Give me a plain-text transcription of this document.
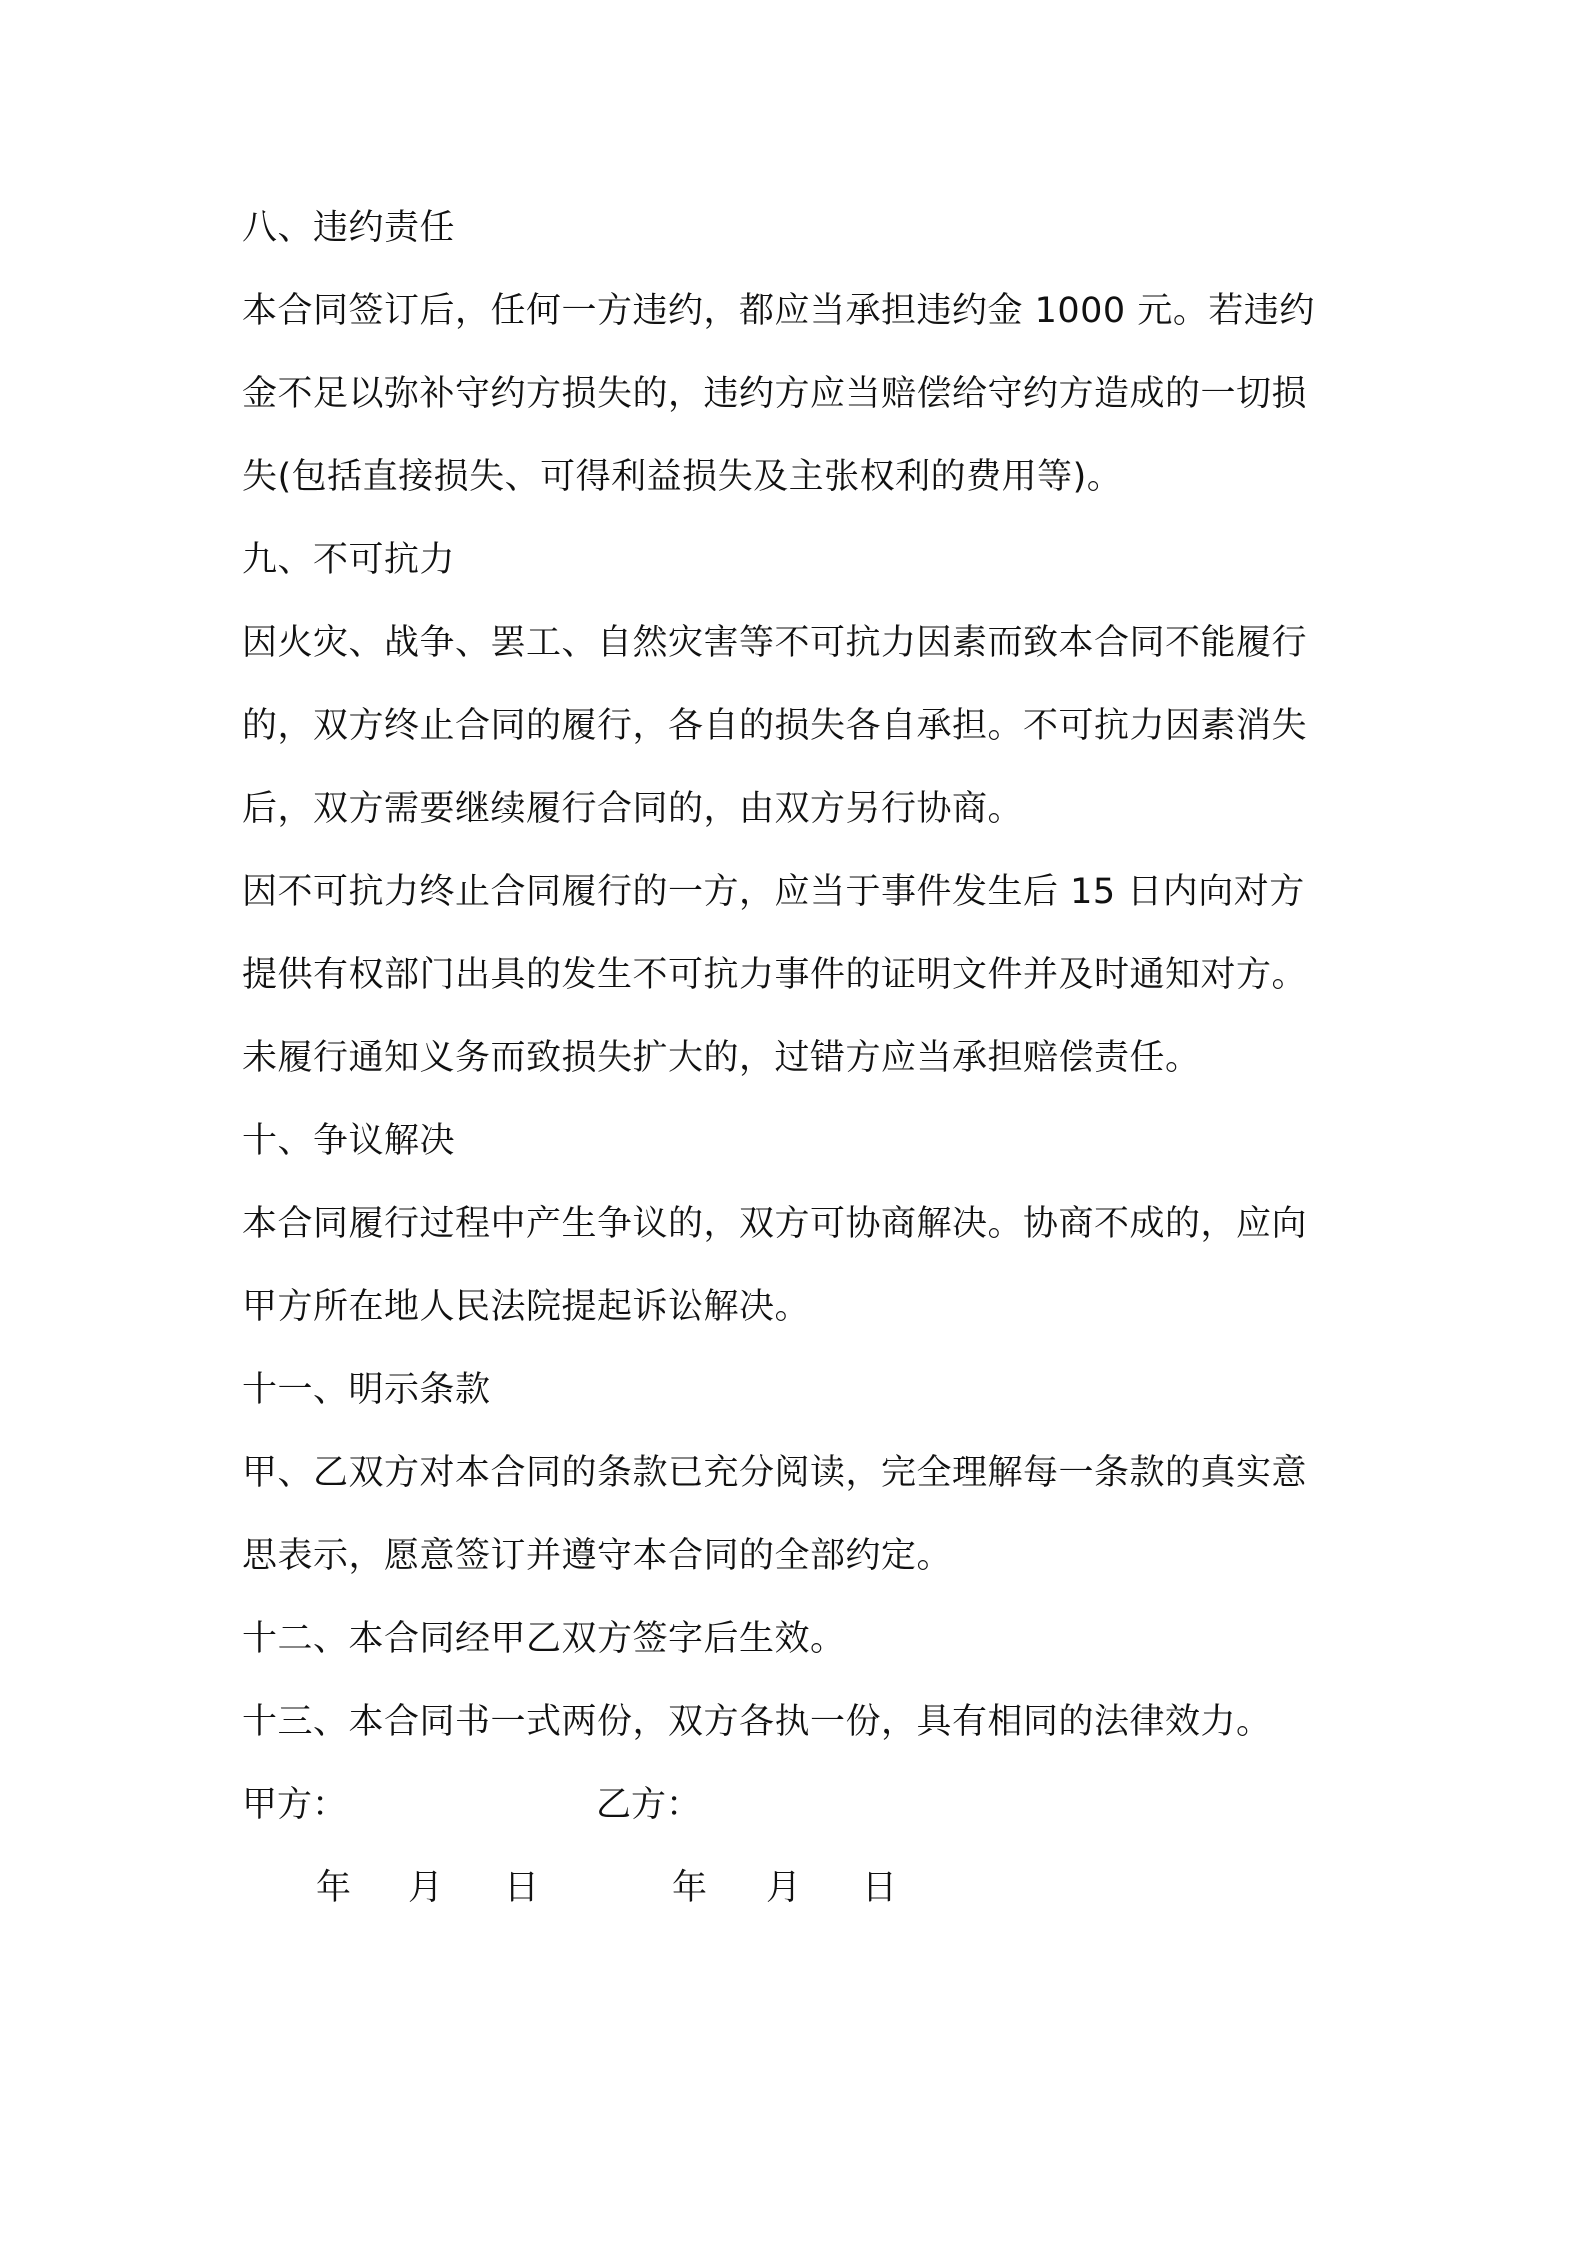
八、违约责任
本合同签订后，任何一方违约，都应当承担违约金 1000 元。若违约
金不足以弥补守约方损失的，违约方应当赔偿给守约方造成的一切损
失(包括直接损失、可得利益损失及主张权利的费用等)。
九、不可抗力
因火灾、战争、罢工、自然灾害等不可抗力因素而致本合同不能履行
的，双方终止合同的履行，各自的损失各自承担。不可抗力因素消失
后，双方需要继续履行合同的，由双方另行协商。
因不可抗力终止合同履行的一方，应当于事件发生后 15 日内向对方
提供有权部门出具的发生不可抗力事件的证明文件并及时通知对方。
未履行通知义务而致损失扩大的，过错方应当承担赔偿责任。
十、争议解决
本合同履行过程中产生争议的，双方可协商解决。协商不成的，应向
甲方所在地人民法院提起诉讼解决。
十一、明示条款
甲、乙双方对本合同的条款已充分阅读，完全理解每一条款的真实意
思表示，愿意签订并遵守本合同的全部约定。
十二、本合同经甲乙双方签字后生效。
十三、本合同书一式两份，双方各执一份，具有相同的法律效力。
甲方：	乙方：
年 月 日	年 月 日
